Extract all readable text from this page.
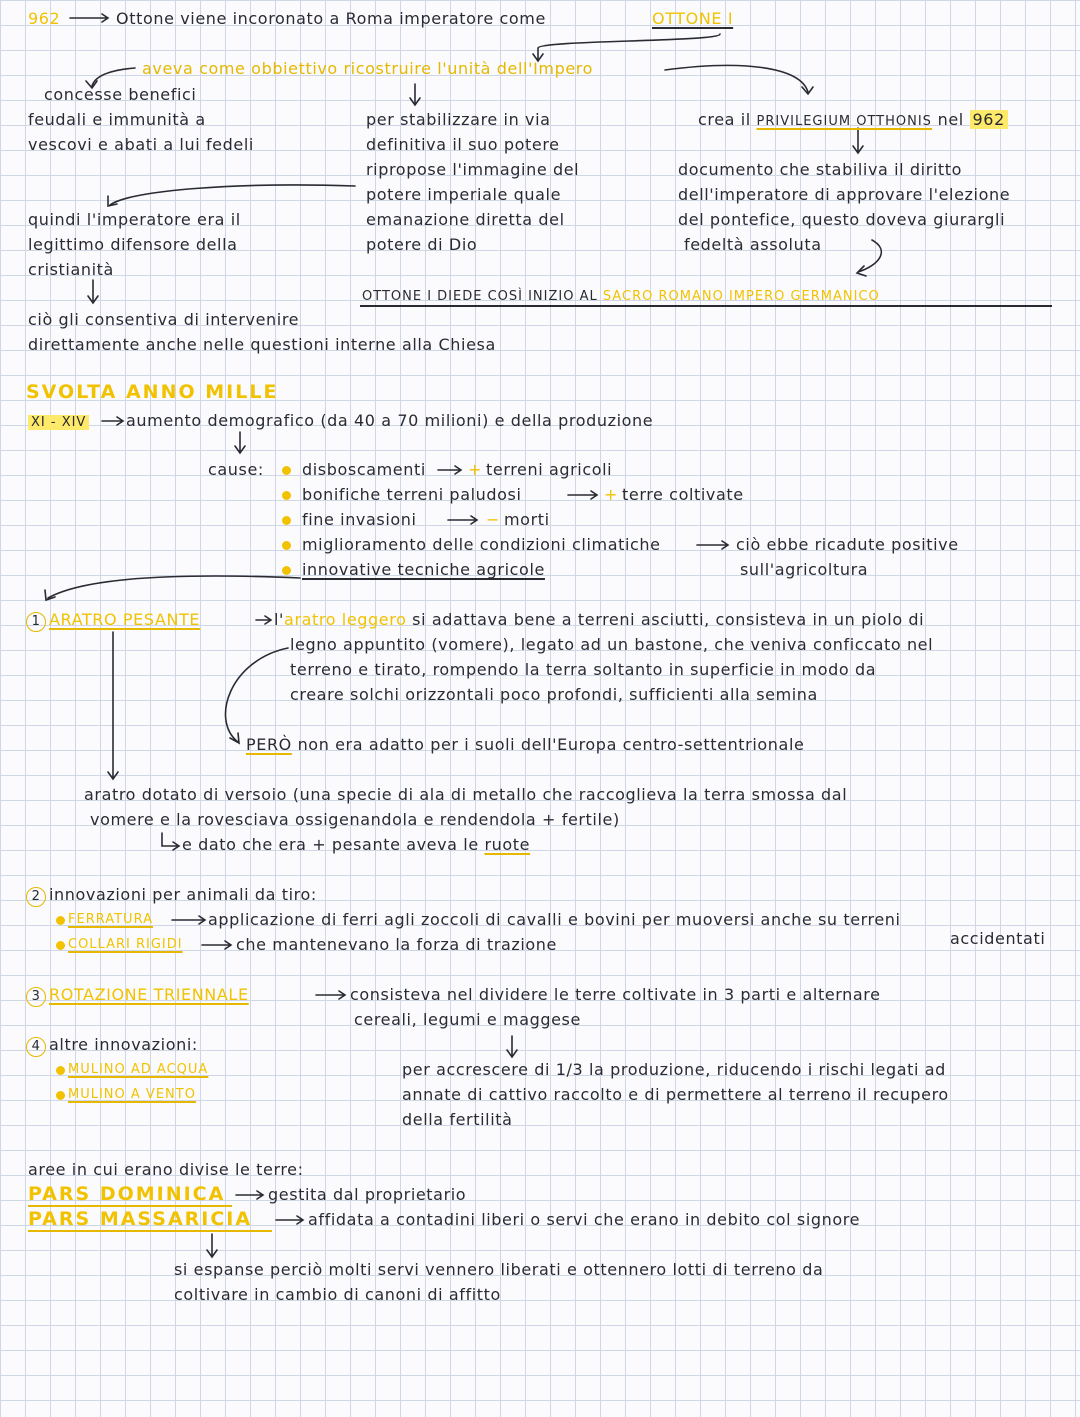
962	Ottone viene incoronato a Roma imperatore come	OTTONE I
aveva come obbiettivo ricostruire l'unità dell'Impero
concesse benefici
feudali e immunità a
vescovi e abati a lui fedeli
per stabilizzare in via
definitiva il suo potere
ripropose l'immagine del
potere imperiale quale
emanazione diretta del
potere di Dio
crea il PRIVILEGIUM OTTHONIS nel 962
documento che stabiliva il diritto
dell'imperatore di approvare l'elezione
del pontefice, questo doveva giurargli
fedeltà assoluta
quindi l'imperatore era il
legittimo difensore della
cristianità
OTTONE I DIEDE COSÌ INIZIO AL SACRO ROMANO IMPERO GERMANICO
ciò gli consentiva di intervenire
direttamente anche nelle questioni interne alla Chiesa
SVOLTA ANNO MILLE
XI - XIV aumento demografico (da 40 a 70 milioni) e della produzione
cause: disboscamenti	+ terreni agricoli
bonifiche terreni paludosi	+ terre coltivate
fine invasioni	− morti
miglioramento delle condizioni climatiche	ciò ebbe ricadute positive
sull'agricoltura
innovative tecniche agricole
1 ARATRO PESANTE	l'aratro leggero si adattava bene a terreni asciutti, consisteva in un piolo di
legno appuntito (vomere), legato ad un bastone, che veniva conficcato nel
terreno e tirato, rompendo la terra soltanto in superficie in modo da
creare solchi orizzontali poco profondi, sufficienti alla semina
PERÒ non era adatto per i suoli dell'Europa centro-settentrionale
aratro dotato di versoio (una specie di ala di metallo che raccoglieva la terra smossa dal
vomere e la rovesciava ossigenandola e rendendola + fertile)
e dato che era + pesante aveva le ruote
2 innovazioni per animali da tiro:
FERRATURA	applicazione di ferri agli zoccoli di cavalli e bovini per muoversi anche su terreni
accidentati
COLLARI RIGIDI	che mantenevano la forza di trazione
3 ROTAZIONE TRIENNALE	consisteva nel dividere le terre coltivate in 3 parti e alternare
cereali, legumi e maggese
4 altre innovazioni:
MULINO AD ACQUA
MULINO A VENTO
per accrescere di 1/3 la produzione, riducendo i rischi legati ad
annate di cattivo raccolto e di permettere al terreno il recupero
della fertilità
aree in cui erano divise le terre:
PARS DOMINICA	gestita dal proprietario
PARS MASSARICIA	affidata a contadini liberi o servi che erano in debito col signore
si espanse perciò molti servi vennero liberati e ottennero lotti di terreno da
coltivare in cambio di canoni di affitto
